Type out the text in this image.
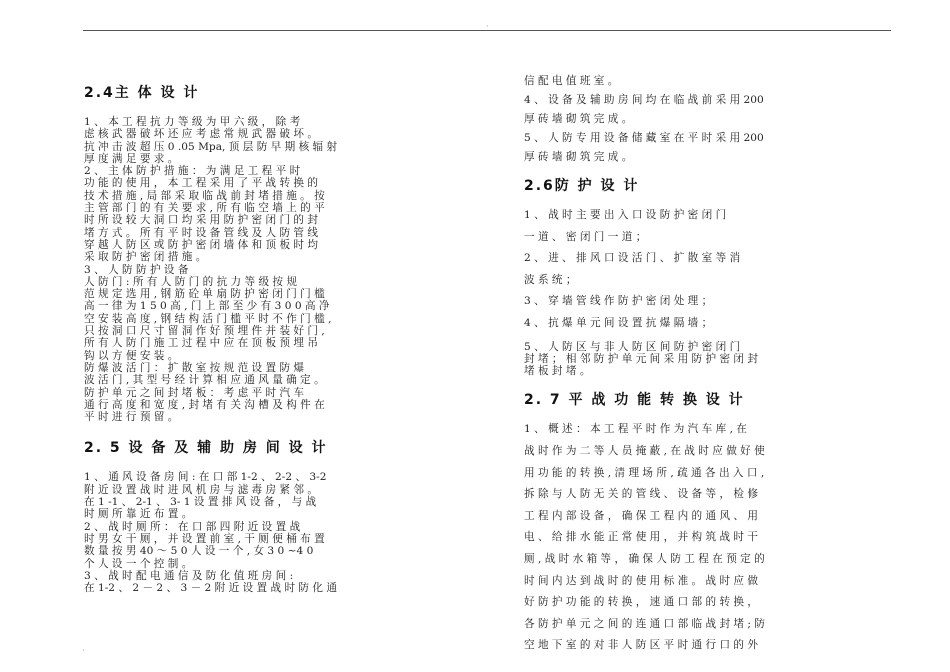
·
·
2.4主 体 设 计

1 、 本 工 程 抗 力 等 级 为 甲 六 级 ， 除 考

虑 核 武 器 破 坏 还 应 考 虑 常 规 武 器 破 坏 。

抗 冲 击 波 超 压 0 .05 Mpa, 顶 层 防 早 期 核 辐 射

厚 度 满 足 要 求 。

2 、 主 体 防 护 措 施 ： 为 满 足 工 程 平 时

功 能 的 使 用 ， 本 工 程 采 用 了 平 战 转 换 的

技 术 措 施 , 局 部 采 取 临 战 前 封 堵 措 施 。 按

主 管 部 门 的 有 关 要 求 , 所 有 临 空 墙 上 的 平

时 所 设 较 大 洞 口 均 采 用 防 护 密 闭 门 的 封

堵 方 式 。 所 有 平 时 设 备 管 线 及 人 防 管 线

穿 越 人 防 区 或 防 护 密 闭 墙 体 和 顶 板 时 均

采 取 防 护 密 闭 措 施 。

3 、 人 防 防 护 设 备

人 防 门 : 所 有 人 防 门 的 抗 力 等 级 按 规

范 规 定 选 用 , 钢 筋 砼 单 扇 防 护 密 闭 门 门 槛

高 一 律 为 1 5 0 高 , 门 上 部 至 少 有 3 0 0 高 净

空 安 装 高 度 , 钢 结 构 活 门 槛 平 时 不 作 门 槛 ,

只 按 洞 口 尺 寸 留 洞 作 好 预 埋 件 并 装 好 门 ,

所 有 人 防 门 施 工 过 程 中 应 在 顶 板 预 埋 吊

钩 以 方 便 安 装 。

防 爆 波 活 门 ： 扩 散 室 按 规 范 设 置 防 爆

波 活 门 , 其 型 号 经 计 算 相 应 通 风 量 确 定 。

防 护 单 元 之 间 封 堵 板 ： 考 虑 平 时 汽 车

通 行 高 度 和 宽 度 , 封 堵 有 关 沟 槽 及 构 件 在

平 时 进 行 预 留 。

2. 5 设 备 及 辅 助 房 间 设 计

1 、 通 风 设 备 房 间 : 在 口 部 1-2 、 2-2 、 3-2

附 近 设 置 战 时 进 风 机 房 与 滤 毒 房 紧 邻 。

在 1 -1 、 2-1 、 3- 1 设 置 排 风 设 备 ， 与 战

时 厕 所 靠 近 布 置 。

2 、 战 时 厕 所 ： 在 口 部 四 附 近 设 置 战

时 男 女 干 厕 ， 并 设 置 前 室 , 干 厕 便 桶 布 置

数 量 按 男 40 ～ 5 0 人 设 一 个 , 女 3 0 ~4 0

个 人 设 一 个 控 制 。

3 、 战 时 配 电 通 信 及 防 化 值 班 房 间 :

在 1-2 、 2 － 2 、 3 － 2 附 近 设 置 战 时 防 化 通

信 配 电 值 班 室 。

4 、 设 备 及 辅 助 房 间 均 在 临 战 前 采 用 200

厚 砖 墙 砌 筑 完 成 。

5 、 人 防 专 用 设 备 储 藏 室 在 平 时 采 用 200

厚 砖 墙 砌 筑 完 成 。

2.6防 护 设 计

1 、 战 时 主 要 出 入 口 设 防 护 密 闭 门

一 道 、 密 闭 门 一 道 ；

2 、 进 、 排 风 口 设 活 门 、 扩 散 室 等 消

波 系 统 ；

3 、 穿 墙 管 线 作 防 护 密 闭 处 理 ；

4 、 抗 爆 单 元 间 设 置 抗 爆 隔 墙 ；

5 、 人 防 区 与 非 人 防 区 间 防 护 密 闭 门

封 堵 ； 相 邻 防 护 单 元 间 采 用 防 护 密 闭 封

堵 板 封 堵 。

2. 7 平 战 功 能 转 换 设 计

1 、 概 述 ： 本 工 程 平 时 作 为 汽 车 库 , 在

战 时 作 为 二 等 人 员 掩 蔽 , 在 战 时 应 做 好 使

用 功 能 的 转 换 , 清 理 场 所 , 疏 通 各 出 入 口 ,

拆 除 与 人 防 无 关 的 管 线 、 设 备 等 ， 检 修

工 程 内 部 设 备 ， 确 保 工 程 内 的 通 风 、 用

电 、 给 排 水 能 正 常 使 用 ， 并 构 筑 战 时 干

厕 , 战 时 水 箱 等 ， 确 保 人 防 工 程 在 预 定 的

时 间 内 达 到 战 时 的 使 用 标 准 。 战 时 应 做

好 防 护 功 能 的 转 换 ， 速 通 口 部 的 转 换 ，

各 防 护 单 元 之 间 的 连 通 口 部 临 战 封 堵 ; 防

空 地 下 室 的 对 非 人 防 区 平 时 通 行 口 的 外
